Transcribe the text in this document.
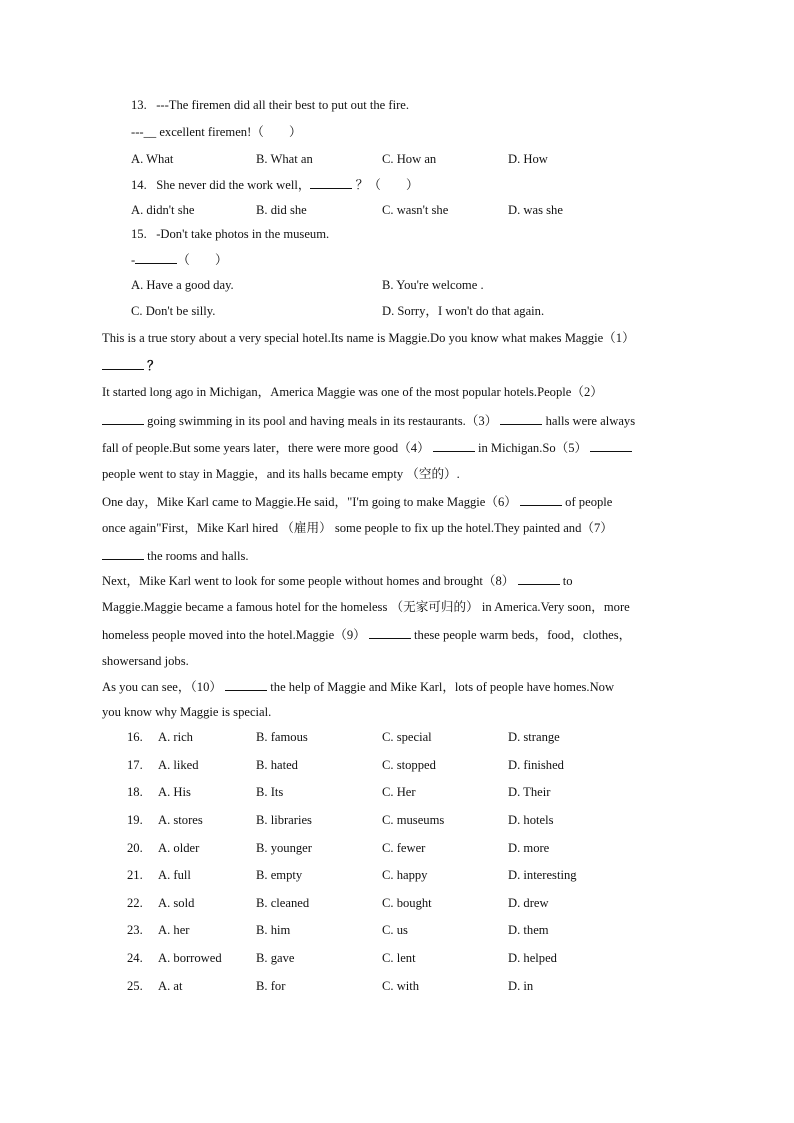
13. ---The firemen did all their best to put out the fire.
---__ excellent firemen!（　　）
A. What	B. What an	C. How an	D. How
14. She never did the work well，	？（　　）
A. didn't she	B. did she	C. wasn't she	D. was she
15. -Don't take photos in the museum.
-	（　　）
A. Have a good day.	B. You're welcome .
C. Don't be silly.	D. Sorry，I won't do that again.
This is a true story about a very special hotel.Its name is Maggie.Do you know what makes Maggie（1）
？
It started long ago in Michigan，America Maggie was one of the most popular hotels.People（2）
going swimming in its pool and having meals in its restaurants.（3）	halls were always
fall of people.But some years later，there were more good（4）	in Michigan.So（5）
people went to stay in Maggie，and its halls became empty （空的）.
One day，Mike Karl came to Maggie.He said，"I'm going to make Maggie（6）	of people
once again"First，Mike Karl hired （雇用） some people to fix up the hotel.They painted and（7）
the rooms and halls.
Next，Mike Karl went to look for some people without homes and brought（8）	to
Maggie.Maggie became a famous hotel for the homeless （无家可归的） in America.Very soon，more
homeless people moved into the hotel.Maggie（9）	these people warm beds，food，clothes，
showersand jobs.
As you can see，（10）	the help of Maggie and Mike Karl，lots of people have homes.Now
you know why Maggie is special.
16. A. rich	B. famous	C. special	D. strange
17. A. liked	B. hated	C. stopped	D. finished
18. A. His	B. Its	C. Her	D. Their
19. A. stores	B. libraries	C. museums	D. hotels
20. A. older	B. younger	C. fewer	D. more
21. A. full	B. empty	C. happy	D. interesting
22. A. sold	B. cleaned	C. bought	D. drew
23. A. her	B. him	C. us	D. them
24. A. borrowed	B. gave	C. lent	D. helped
25. A. at	B. for	C. with	D. in
